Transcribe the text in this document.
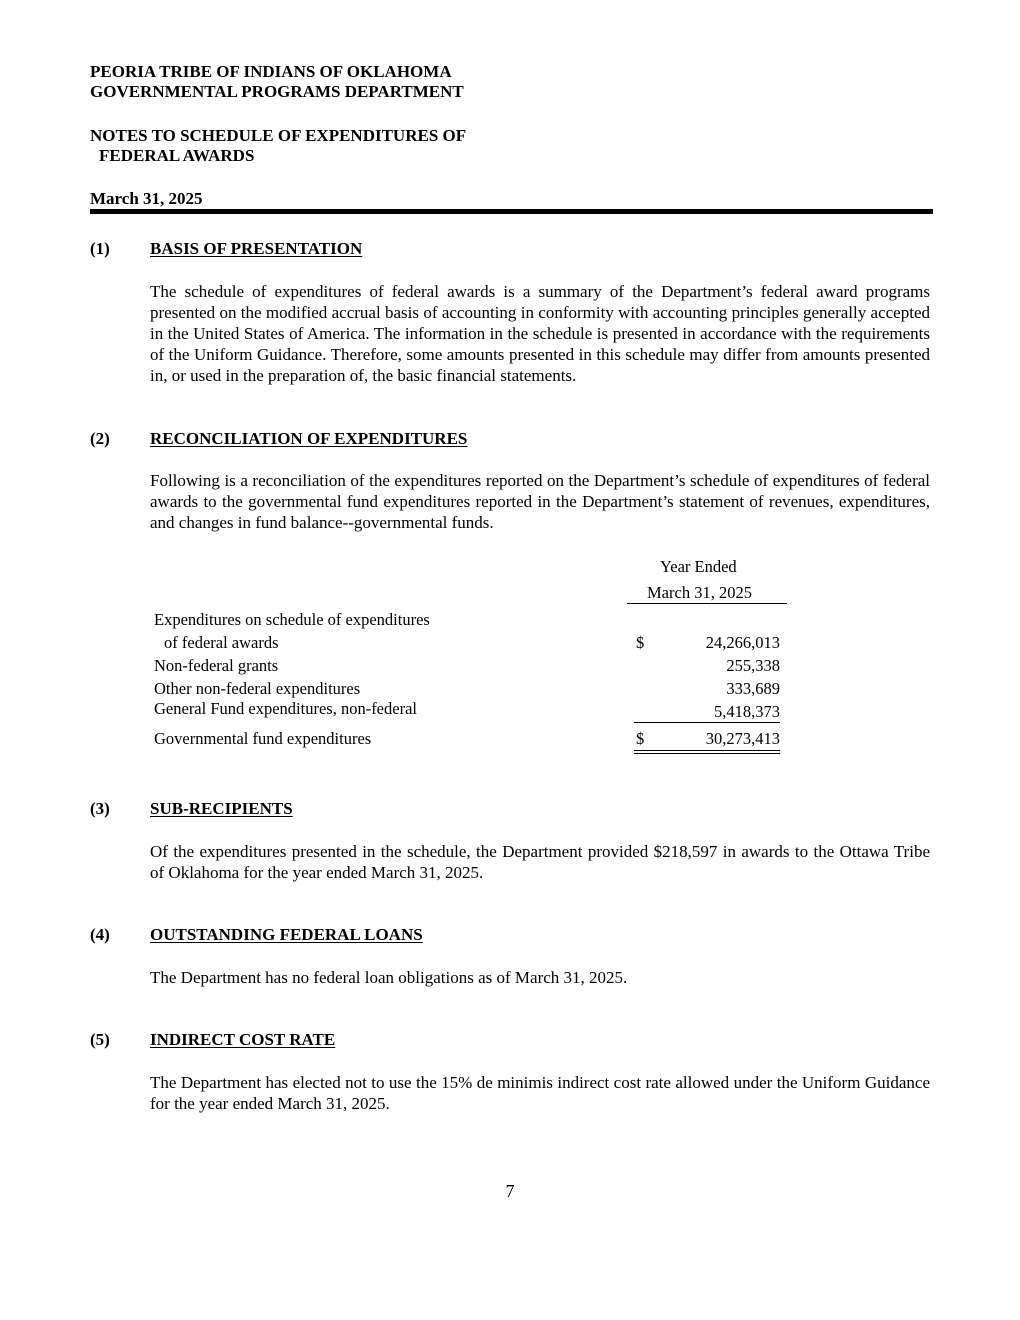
PEORIA TRIBE OF INDIANS OF OKLAHOMA
GOVERNMENTAL PROGRAMS DEPARTMENT
NOTES TO SCHEDULE OF EXPENDITURES OF
FEDERAL AWARDS
March 31, 2025
(1) BASIS OF PRESENTATION
The schedule of expenditures of federal awards is a summary of the Department’s federal award programs presented on the modified accrual basis of accounting in conformity with accounting principles generally accepted in the United States of America. The information in the schedule is presented in accordance with the requirements of the Uniform Guidance. Therefore, some amounts presented in this schedule may differ from amounts presented in, or used in the preparation of, the basic financial statements.
(2) RECONCILIATION OF EXPENDITURES
Following is a reconciliation of the expenditures reported on the Department’s schedule of expenditures of federal awards to the governmental fund expenditures reported in the Department’s statement of revenues, expenditures, and changes in fund balance--governmental funds.
Year Ended
March 31, 2025
Expenditures on schedule of expenditures
of federal awards	$	24,266,013
Non-federal grants	255,338
Other non-federal expenditures	333,689
General Fund expenditures, non-federal	5,418,373
Governmental fund expenditures	$	30,273,413
(3) SUB-RECIPIENTS
Of the expenditures presented in the schedule, the Department provided $218,597 in awards to the Ottawa Tribe of Oklahoma for the year ended March 31, 2025.
(4) OUTSTANDING FEDERAL LOANS
The Department has no federal loan obligations as of March 31, 2025.
(5) INDIRECT COST RATE
The Department has elected not to use the 15% de minimis indirect cost rate allowed under the Uniform Guidance for the year ended March 31, 2025.
7
